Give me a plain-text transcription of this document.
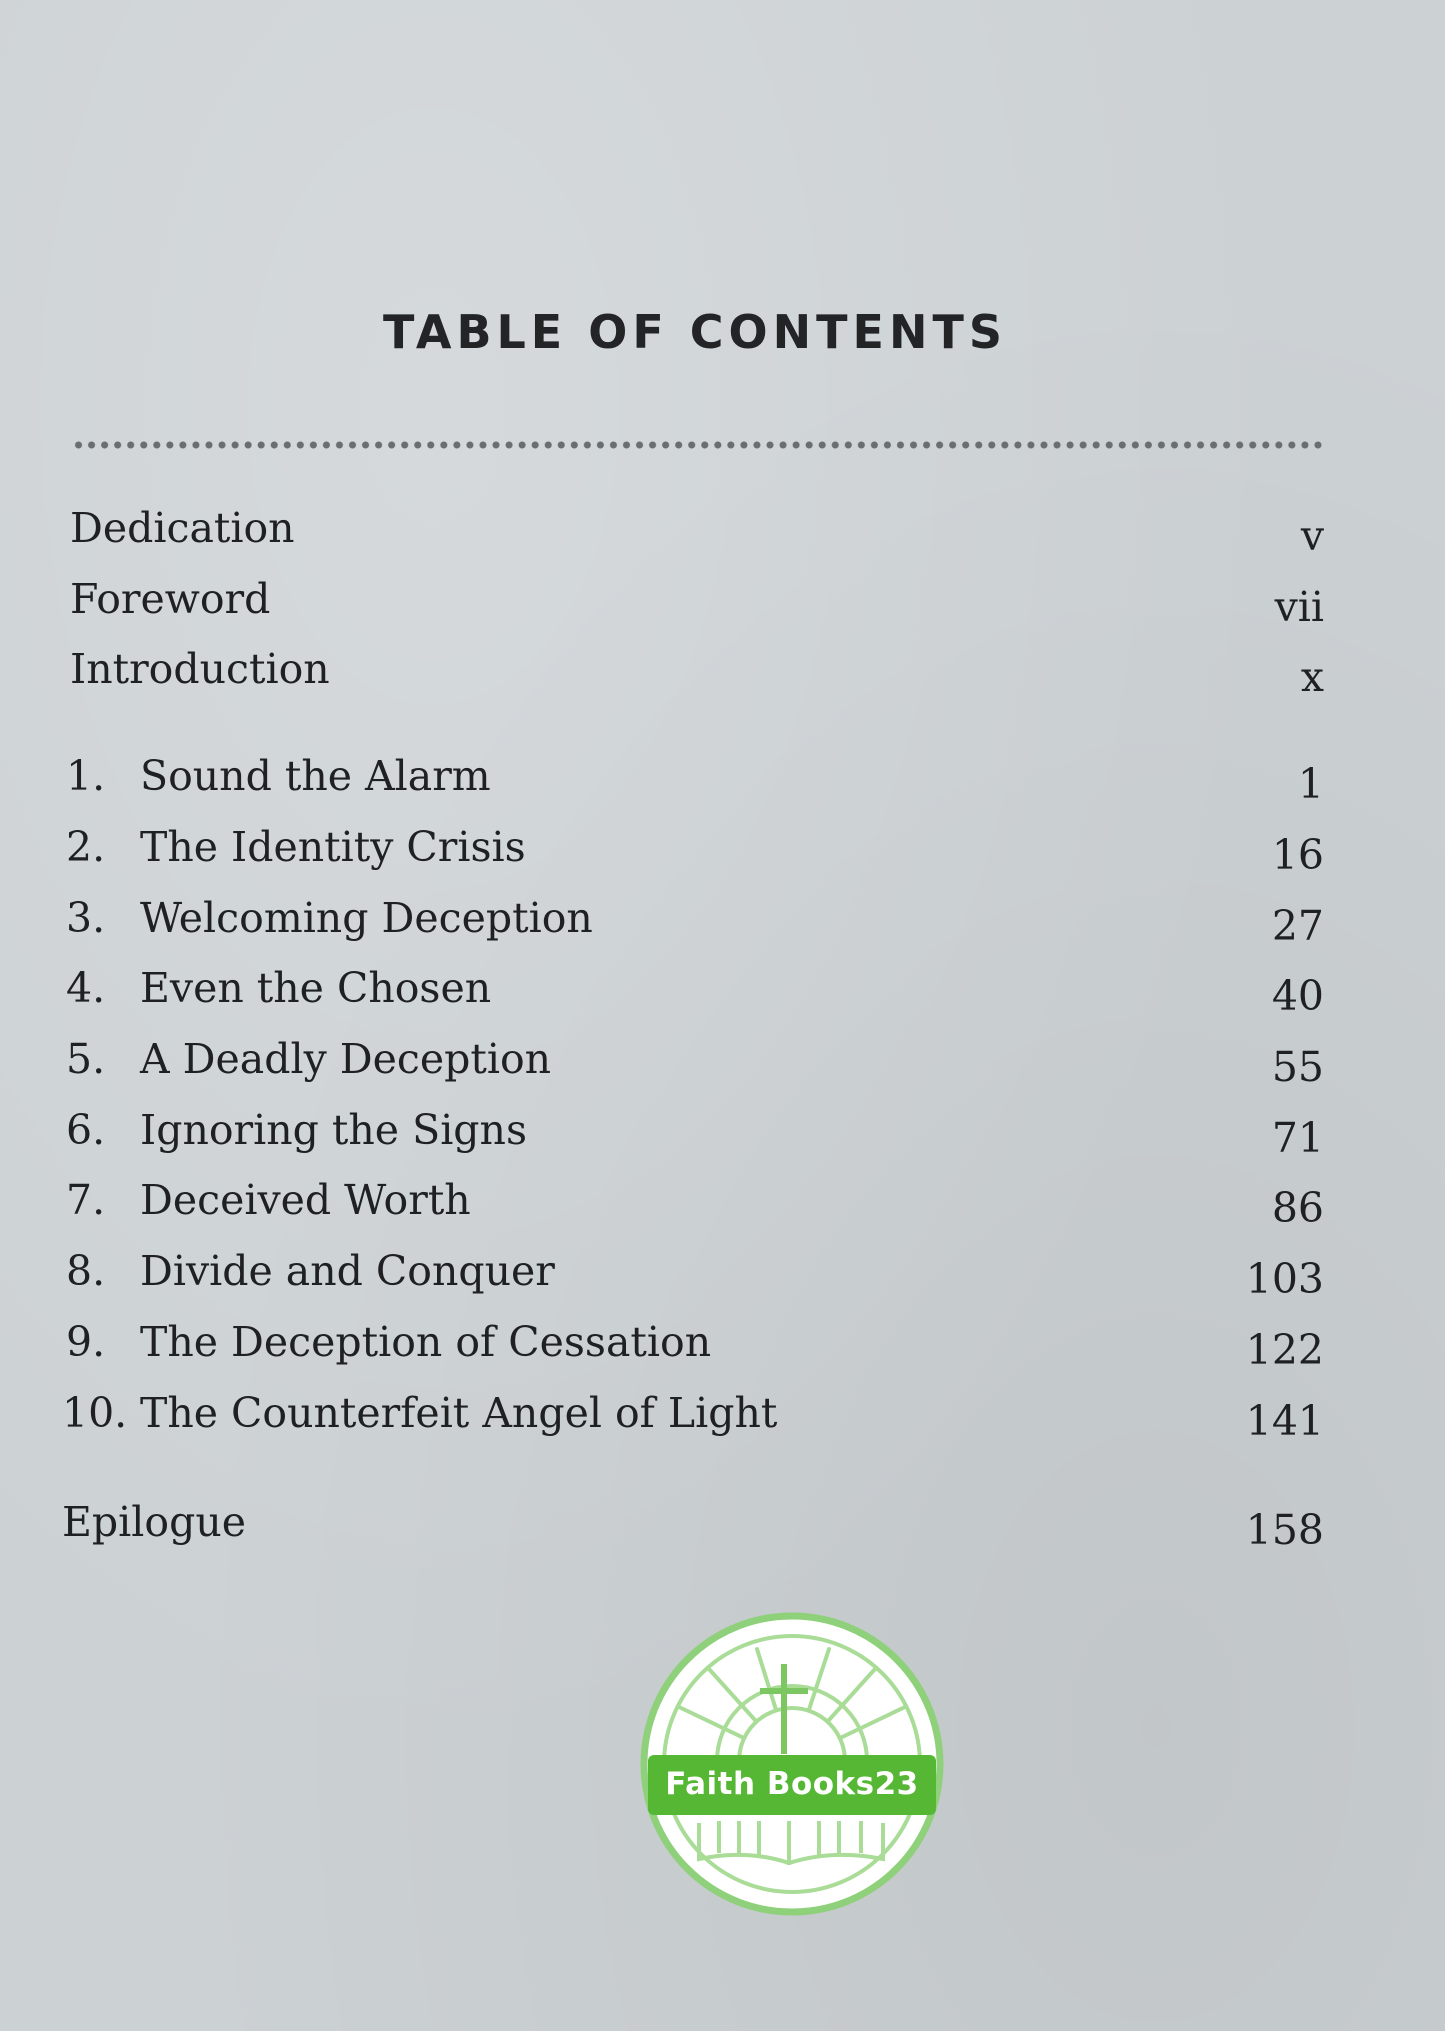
TABLE OF CONTENTS
Dedication	v
Foreword	vii
Introduction	x
1. Sound the Alarm	1
2. The Identity Crisis	16
3. Welcoming Deception	27
4. Even the Chosen	40
5. A Deadly Deception	55
6. Ignoring the Signs	71
7. Deceived Worth	86
8. Divide and Conquer	103
9. The Deception of Cessation	122
10. The Counterfeit Angel of Light	141
Epilogue	158
Faith Books23
